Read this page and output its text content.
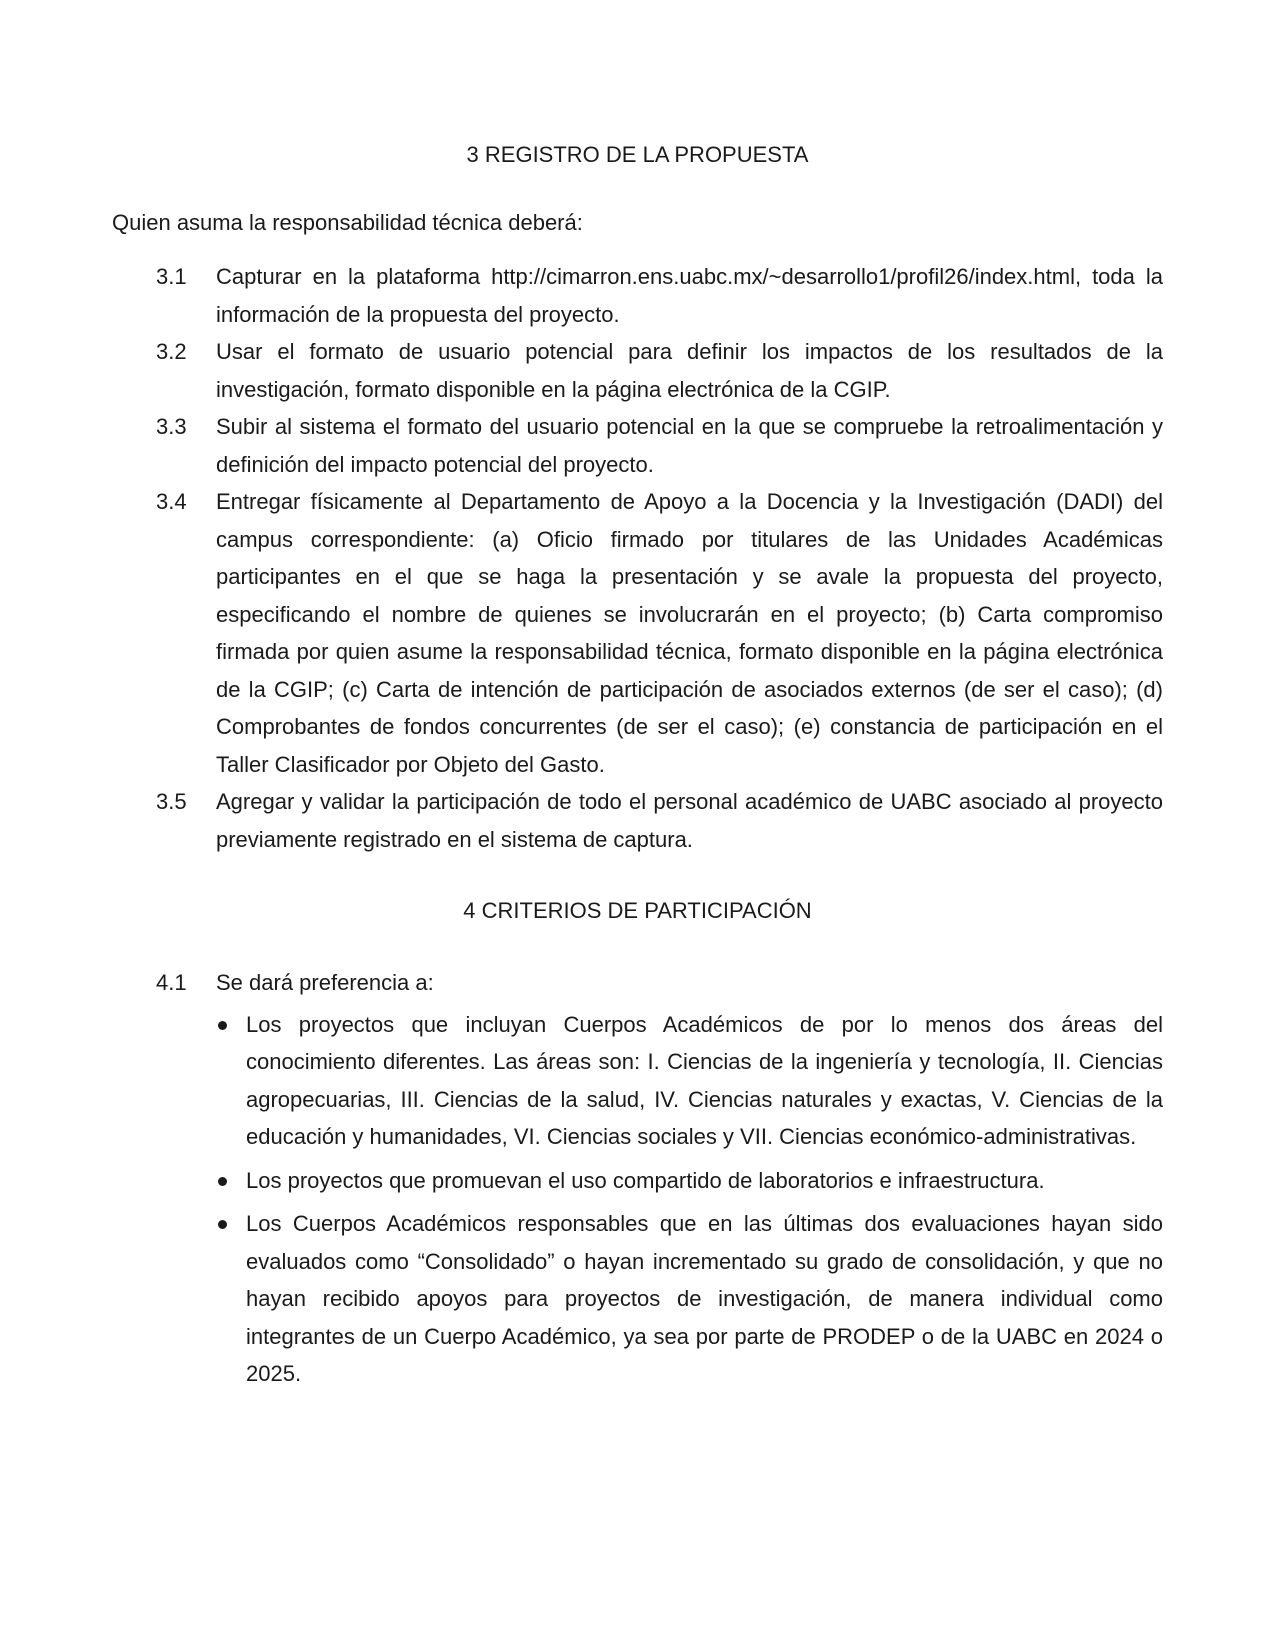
3 REGISTRO DE LA PROPUESTA

Quien asuma la responsabilidad técnica deberá:

3.1	Capturar en la plataforma http://cimarron.ens.uabc.mx/~desarrollo1/profil26/index.html, toda la información de la propuesta del proyecto.
3.2	Usar el formato de usuario potencial para definir los impactos de los resultados de la investigación, formato disponible en la página electrónica de la CGIP.
3.3	Subir al sistema el formato del usuario potencial en la que se compruebe la retroalimentación y definición del impacto potencial del proyecto.
3.4	Entregar físicamente al Departamento de Apoyo a la Docencia y la Investigación (DADI) del campus correspondiente: (a) Oficio firmado por titulares de las Unidades Académicas participantes en el que se haga la presentación y se avale la propuesta del proyecto, especificando el nombre de quienes se involucrarán en el proyecto; (b) Carta compromiso firmada por quien asume la responsabilidad técnica, formato disponible en la página electrónica de la CGIP; (c) Carta de intención de participación de asociados externos (de ser el caso); (d) Comprobantes de fondos concurrentes (de ser el caso); (e) constancia de participación en el Taller Clasificador por Objeto del Gasto.
3.5	Agregar y validar la participación de todo el personal académico de UABC asociado al proyecto previamente registrado en el sistema de captura.
4 CRITERIOS DE PARTICIPACIÓN
4.1	Se dará preferencia a:
Los proyectos que incluyan Cuerpos Académicos de por lo menos dos áreas del conocimiento diferentes. Las áreas son: I. Ciencias de la ingeniería y tecnología, II. Ciencias agropecuarias, III. Ciencias de la salud, IV. Ciencias naturales y exactas, V. Ciencias de la educación y humanidades, VI. Ciencias sociales y VII. Ciencias económico-administrativas.
Los proyectos que promuevan el uso compartido de laboratorios e infraestructura.
Los Cuerpos Académicos responsables que en las últimas dos evaluaciones hayan sido evaluados como “Consolidado” o hayan incrementado su grado de consolidación, y que no hayan recibido apoyos para proyectos de investigación, de manera individual como integrantes de un Cuerpo Académico, ya sea por parte de PRODEP o de la UABC en 2024 o 2025.
